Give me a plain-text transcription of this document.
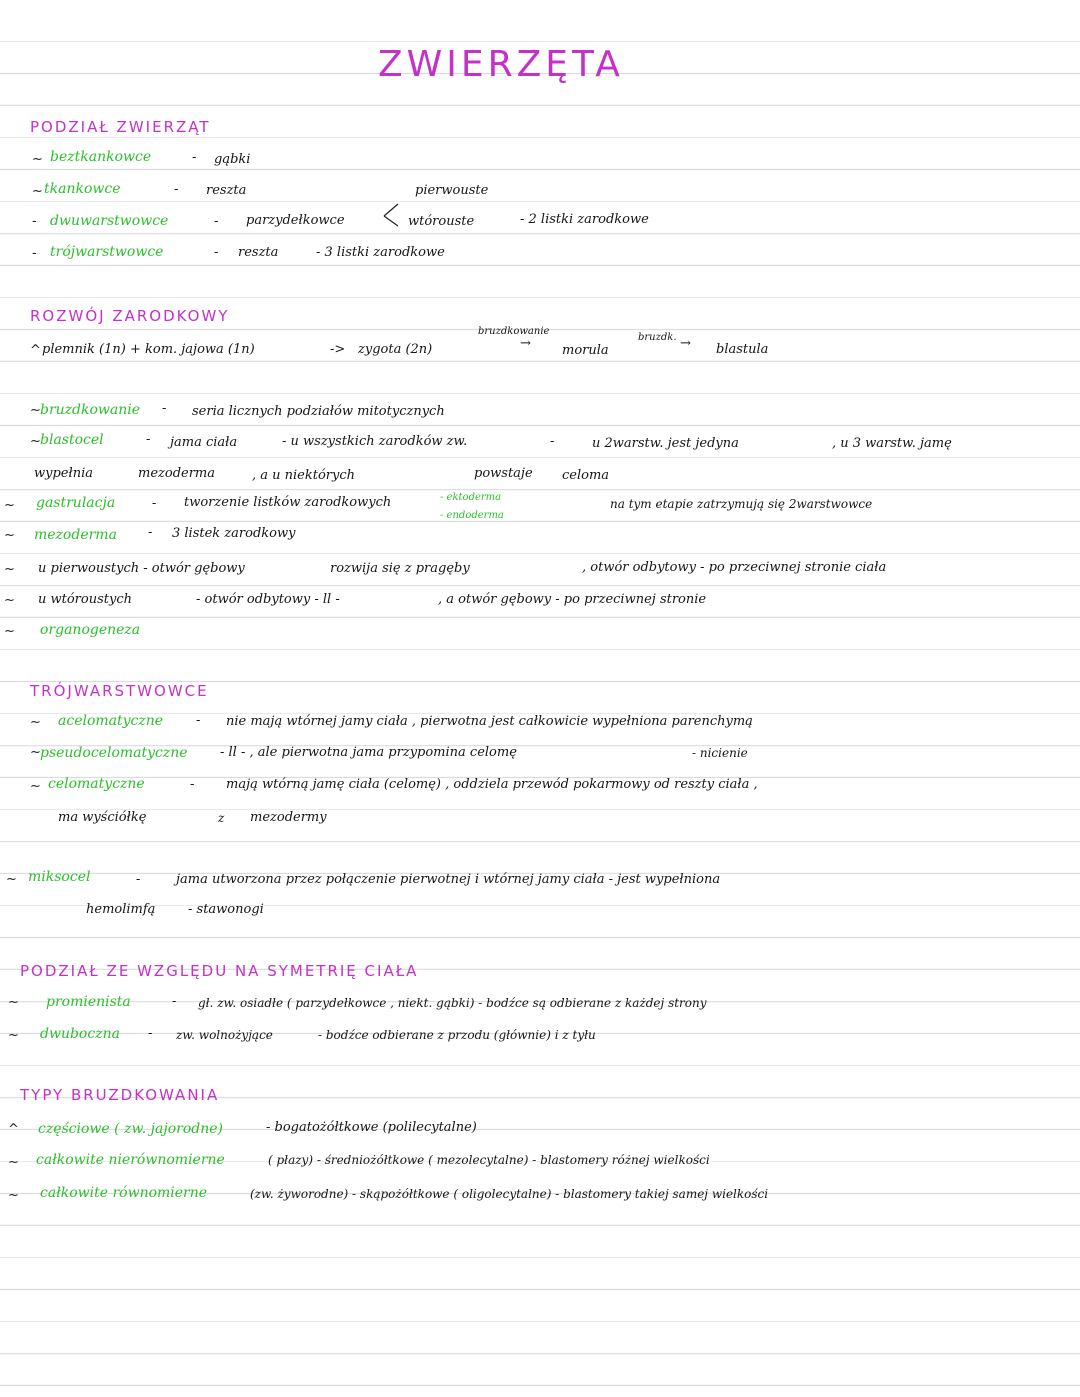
ZWIERZĘTA
PODZIAŁ ZWIERZĄT
~ beztkankowce	- gąbki
~ tkankowce	- reszta	pierwouste
- dwuwarstwowce	- parzydełkowce	wtórouste	- 2 listki zarodkowe
- trójwarstwowce	- reszta	- 3 listki zarodkowe
ROZWÓJ ZARODKOWY
^ plemnik (1n) + kom. jajowa (1n)	-> zygota (2n)
bruzdkowanie
→ morula
bruzdk. → blastula
~ bruzdkowanie - seria licznych podziałów mitotycznych
~ blastocel	- jama ciała	- u wszystkich zarodków zw.	-	u 2warstw. jest jedyna	, u 3 warstw. jamę
wypełnia	mezoderma	, a u niektórych	powstaje celoma
~ gastrulacja	- tworzenie listków zarodkowych	- ektoderma
- endoderma
na tym etapie zatrzymują się 2warstwowce
~ mezoderma - 3 listek zarodkowy
~ u pierwoustych - otwór gębowy	rozwija się z pragęby	, otwór odbytowy - po przeciwnej stronie ciała
~ u wtóroustych	- otwór odbytowy - ll -	, a otwór gębowy - po przeciwnej stronie
~ organogeneza
TRÓJWARSTWOWCE
~ acelomatyczne	- nie mają wtórnej jamy ciała , pierwotna jest całkowicie wypełniona parenchymą
~ pseudocelomatyczne - ll - , ale pierwotna jama przypomina celomę	- nicienie
~ celomatyczne	- mają wtórną jamę ciała (celomę) , oddziela przewód pokarmowy od reszty ciała ,
ma wyściółkę	z mezodermy
~ miksocel	-	jama utworzona przez połączenie pierwotnej i wtórnej jamy ciała - jest wypełniona
hemolimfą	- stawonogi
PODZIAŁ ZE WZGLĘDU NA SYMETRIĘ CIAŁA
~ promienista	- gł. zw. osiadłe ( parzydełkowce , niekt. gąbki) - bodźce są odbierane z każdej strony
~ dwuboczna - zw. wolnożyjące	- bodźce odbierane z przodu (głównie) i z tyłu
TYPY BRUZDKOWANIA
^ częściowe ( zw. jajorodne)	- bogatożółtkowe (polilecytalne)
~ całkowite nierównomierne	( płazy) - średniożółtkowe ( mezolecytalne) - blastomery różnej wielkości
~ całkowite równomierne	(zw. żyworodne) - skąpożółtkowe ( oligolecytalne) - blastomery takiej samej wielkości
